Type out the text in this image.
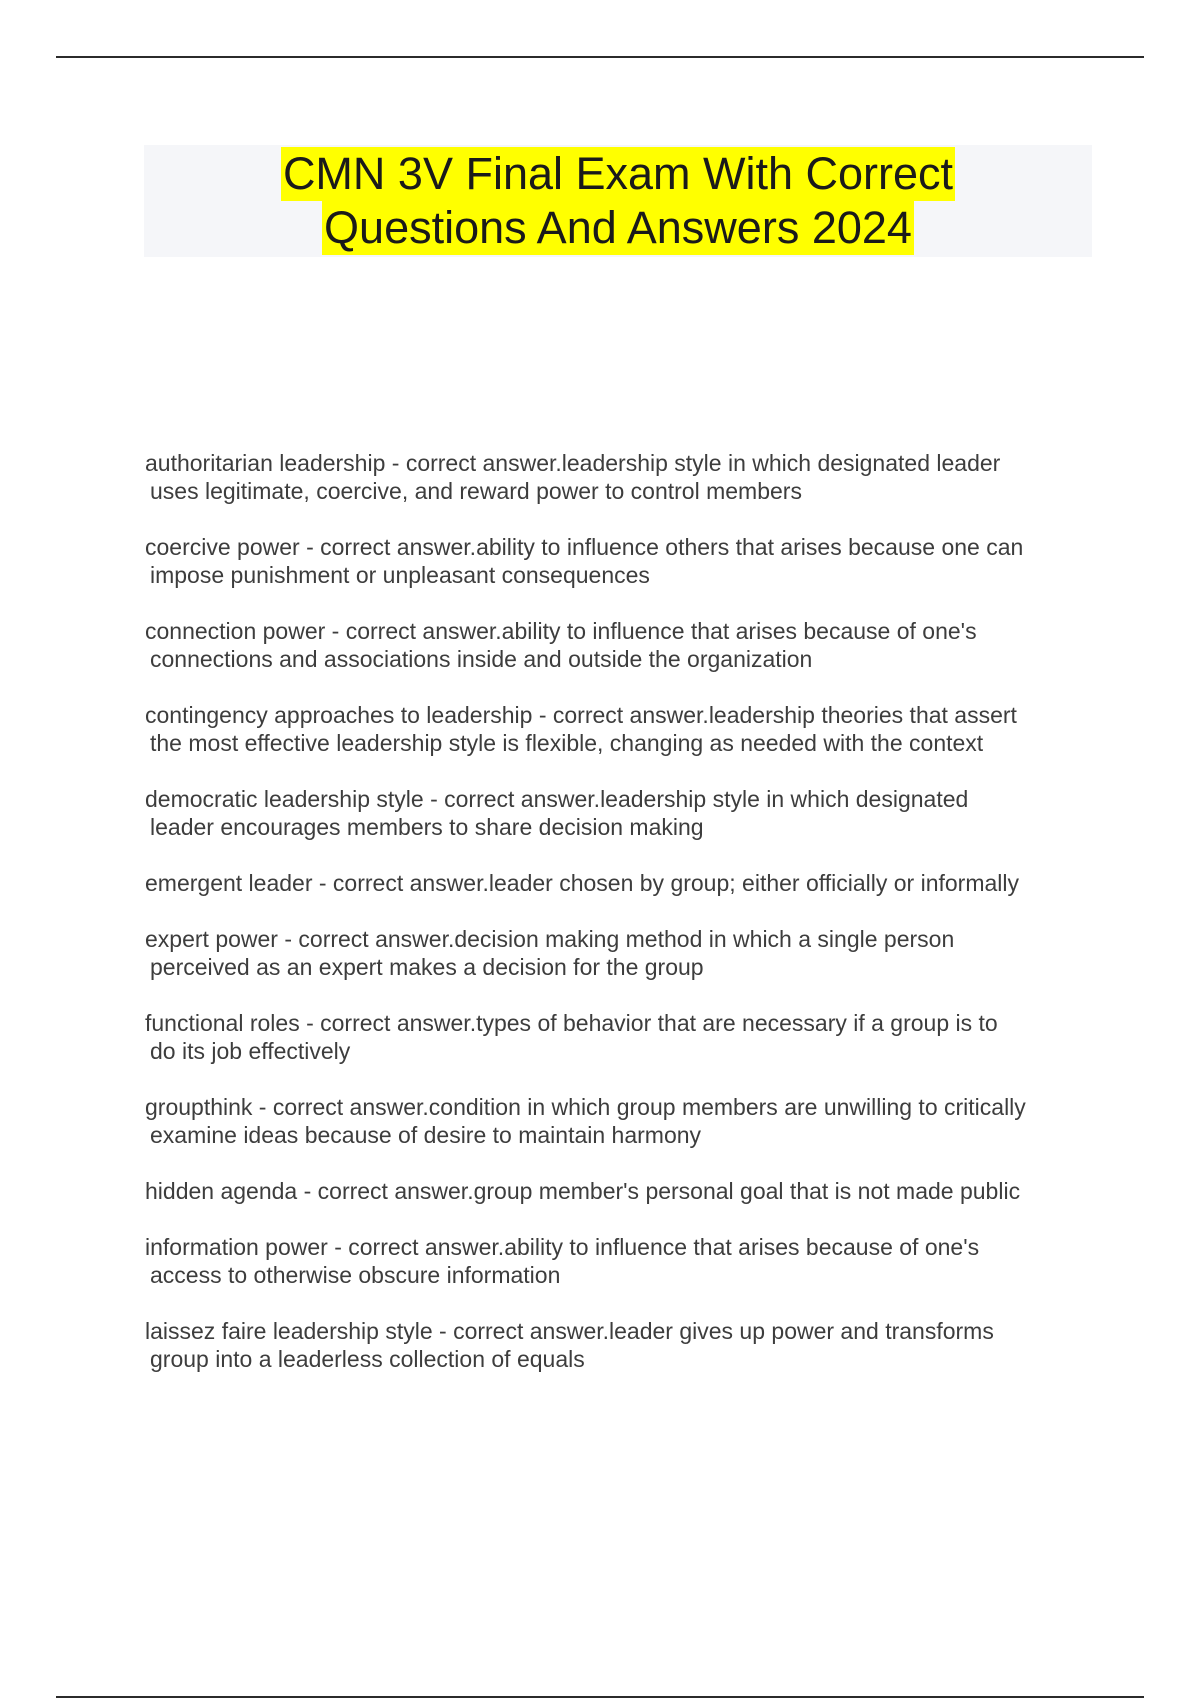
CMN 3V Final Exam With Correct
Questions And Answers 2024

authoritarian leadership - correct answer.leadership style in which designated leader
uses legitimate, coercive, and reward power to control members

coercive power - correct answer.ability to influence others that arises because one can
impose punishment or unpleasant consequences

connection power - correct answer.ability to influence that arises because of one's
connections and associations inside and outside the organization

contingency approaches to leadership - correct answer.leadership theories that assert
the most effective leadership style is flexible, changing as needed with the context

democratic leadership style - correct answer.leadership style in which designated
leader encourages members to share decision making

emergent leader - correct answer.leader chosen by group; either officially or informally

expert power - correct answer.decision making method in which a single person
perceived as an expert makes a decision for the group

functional roles - correct answer.types of behavior that are necessary if a group is to
do its job effectively

groupthink - correct answer.condition in which group members are unwilling to critically
examine ideas because of desire to maintain harmony

hidden agenda - correct answer.group member's personal goal that is not made public

information power - correct answer.ability to influence that arises because of one's
access to otherwise obscure information

laissez faire leadership style - correct answer.leader gives up power and transforms
group into a leaderless collection of equals
